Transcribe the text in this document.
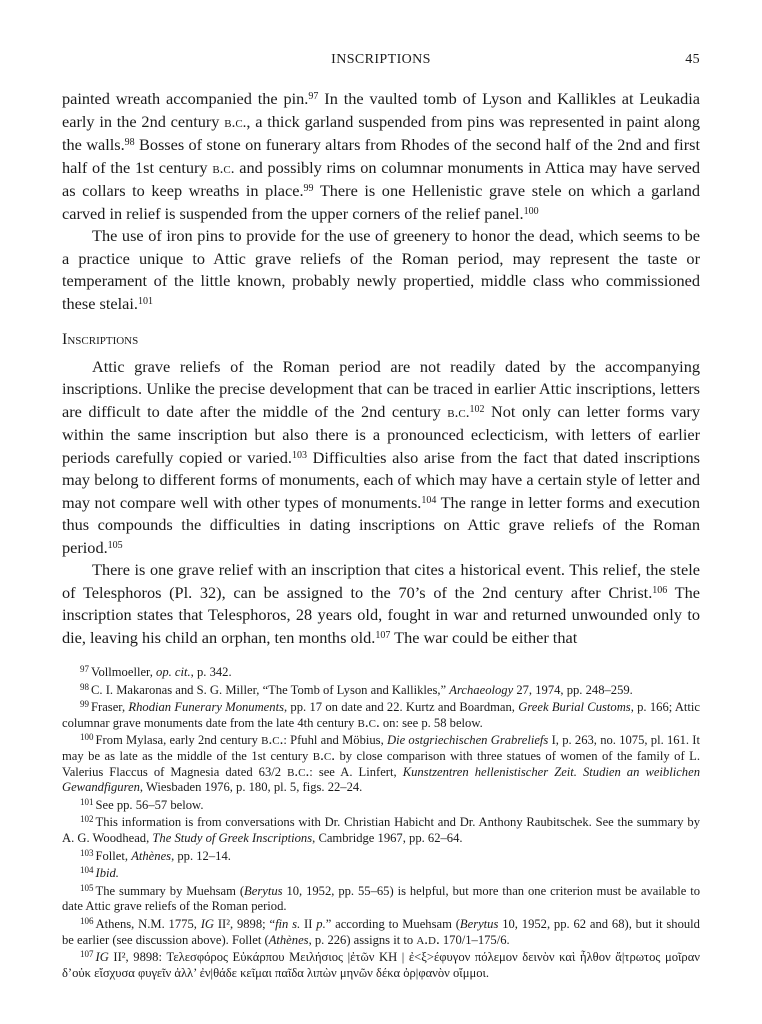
INSCRIPTIONS	45

painted wreath accompanied the pin.$^{97}$ In the vaulted tomb of Lyson and Kallikles at Leukadia early in the 2nd century b.c., a thick garland suspended from pins was represented in paint along the walls.$^{98}$ Bosses of stone on funerary altars from Rhodes of the second half of the 2nd and first half of the 1st century b.c. and possibly rims on columnar monuments in Attica may have served as collars to keep wreaths in place.$^{99}$ There is one Hellenistic grave stele on which a garland carved in relief is suspended from the upper corners of the relief panel.$^{100}$

The use of iron pins to provide for the use of greenery to honor the dead, which seems to be a practice unique to Attic grave reliefs of the Roman period, may represent the taste or temperament of the little known, probably newly propertied, middle class who commissioned these stelai.$^{101}$

Inscriptions

Attic grave reliefs of the Roman period are not readily dated by the accompanying inscriptions. Unlike the precise development that can be traced in earlier Attic inscriptions, letters are difficult to date after the middle of the 2nd century b.c.$^{102}$ Not only can letter forms vary within the same inscription but also there is a pronounced eclecticism, with letters of earlier periods carefully copied or varied.$^{103}$ Difficulties also arise from the fact that dated inscriptions may belong to different forms of monuments, each of which may have a certain style of letter and may not compare well with other types of monuments.$^{104}$ The range in letter forms and execution thus compounds the difficulties in dating inscriptions on Attic grave reliefs of the Roman period.$^{105}$

There is one grave relief with an inscription that cites a historical event. This relief, the stele of Telesphoros (Pl. 32), can be assigned to the 70’s of the 2nd century after Christ.$^{106}$ The inscription states that Telesphoros, 28 years old, fought in war and returned unwounded only to die, leaving his child an orphan, ten months old.$^{107}$ The war could be either that

$^{97}$ Vollmoeller, op. cit., p. 342.

$^{98}$ C. I. Makaronas and S. G. Miller, “The Tomb of Lyson and Kallikles,” Archaeology 27, 1974, pp. 248–259.

$^{99}$ Fraser, Rhodian Funerary Monuments, pp. 17 on date and 22. Kurtz and Boardman, Greek Burial Customs, p. 166; Attic columnar grave monuments date from the late 4th century b.c. on: see p. 58 below.

$^{100}$ From Mylasa, early 2nd century b.c.: Pfuhl and Möbius, Die ostgriechischen Grabreliefs I, p. 263, no. 1075, pl. 161. It may be as late as the middle of the 1st century b.c. by close comparison with three statues of women of the family of L. Valerius Flaccus of Magnesia dated 63/2 b.c.: see A. Linfert, Kunstzentren hellenistischer Zeit. Studien an weiblichen Gewandfiguren, Wiesbaden 1976, p. 180, pl. 5, figs. 22–24.

$^{101}$ See pp. 56–57 below.

$^{102}$ This information is from conversations with Dr. Christian Habicht and Dr. Anthony Raubitschek. See the summary by A. G. Woodhead, The Study of Greek Inscriptions, Cambridge 1967, pp. 62–64.

$^{103}$ Follet, Athènes, pp. 12–14.

$^{104}$ Ibid.

$^{105}$ The summary by Muehsam (Berytus 10, 1952, pp. 55–65) is helpful, but more than one criterion must be available to date Attic grave reliefs of the Roman period.

$^{106}$ Athens, N.M. 1775, IG II², 9898; “fin s. II p.” according to Muehsam (Berytus 10, 1952, pp. 62 and 68), but it should be earlier (see discussion above). Follet (Athènes, p. 226) assigns it to a.d. 170/1–175/6.

$^{107}$ IG II², 9898: Τελεσφόρος Εὐκάρπου Μειλήσιος |ἐτῶν ΚΗ | ἐ<ξ>έφυγον πόλεμον δεινὸν καὶ ἦλθον ἄ|τρωτος μοῖραν δ’οὐκ εἴσχυσα φυγεῖν ἀλλ’ ἐν|θάδε κεῖμαι παῖδα λιπὼν μηνῶν δέκα ὀρ|φανὸν οἴμμοι.
